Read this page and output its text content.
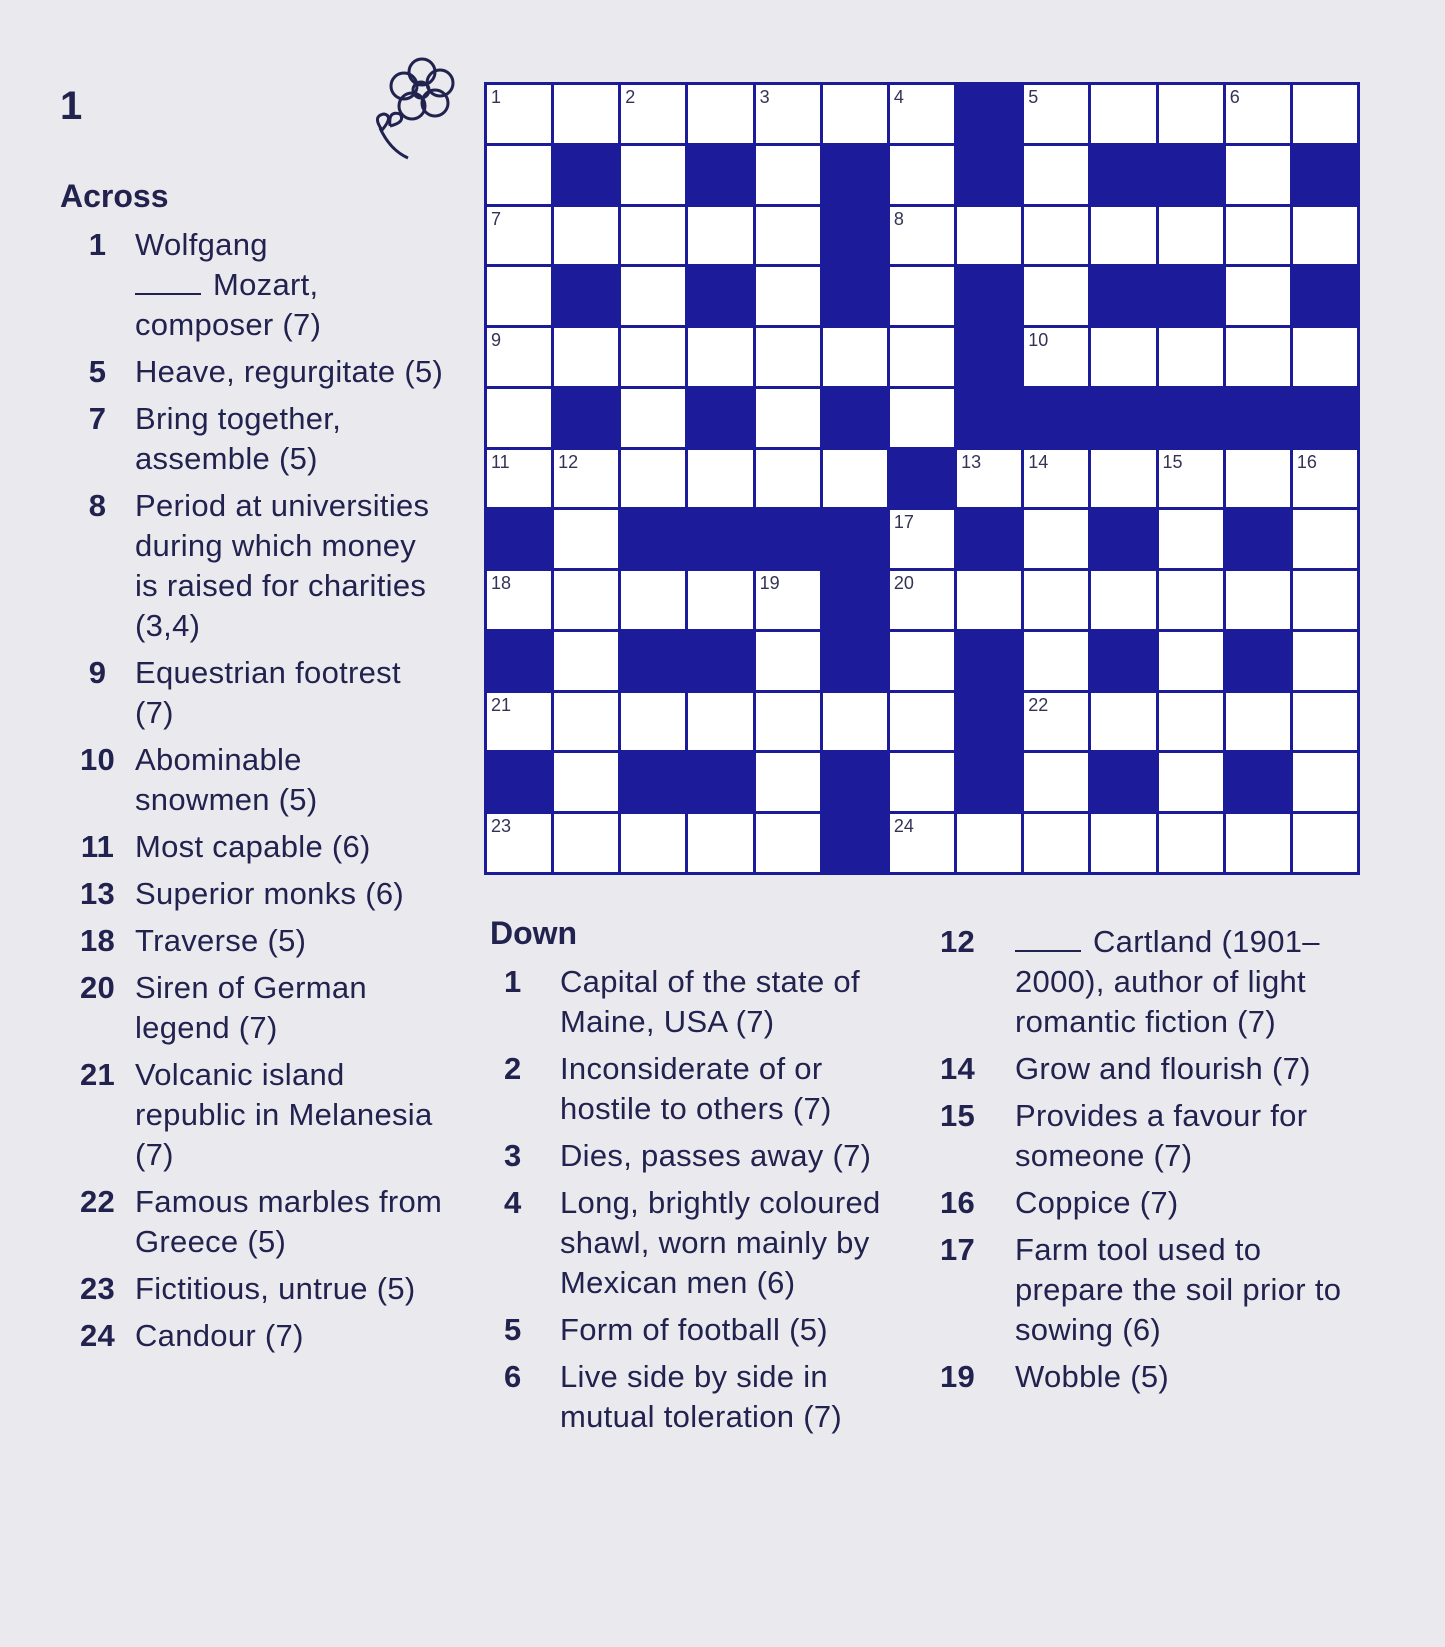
1
Across
1 Wolfgang
Mozart, composer (7)
5 Heave, regurgitate (5)
7 Bring together, assemble (5)
8 Period at universities during which money is raised for charities (3,4)
9 Equestrian footrest (7)
10 Abominable snowmen (5)
11 Most capable (6)
13 Superior monks (6)
18 Traverse (5)
20 Siren of German legend (7)
21 Volcanic island republic in Melanesia (7)
22 Famous marbles from Greece (5)
23 Fictitious, untrue (5)
24 Candour (7)
1	2	3	4	5	6
7	8
9	10
11	12	13	14	15	16
17
18	19	20
21	22
23	24
Down
1	Capital of the state of Maine, USA (7)
2	Inconsiderate of or hostile to others (7)
3	Dies, passes away (7)
4	Long, brightly coloured shawl, worn mainly by Mexican men (6)
5	Form of football (5)
6	Live side by side in mutual toleration (7)
12	Cartland (1901–2000), author of light romantic fiction (7)
14	Grow and flourish (7)
15	Provides a favour for someone (7)
16	Coppice (7)
17	Farm tool used to prepare the soil prior to sowing (6)
19	Wobble (5)
